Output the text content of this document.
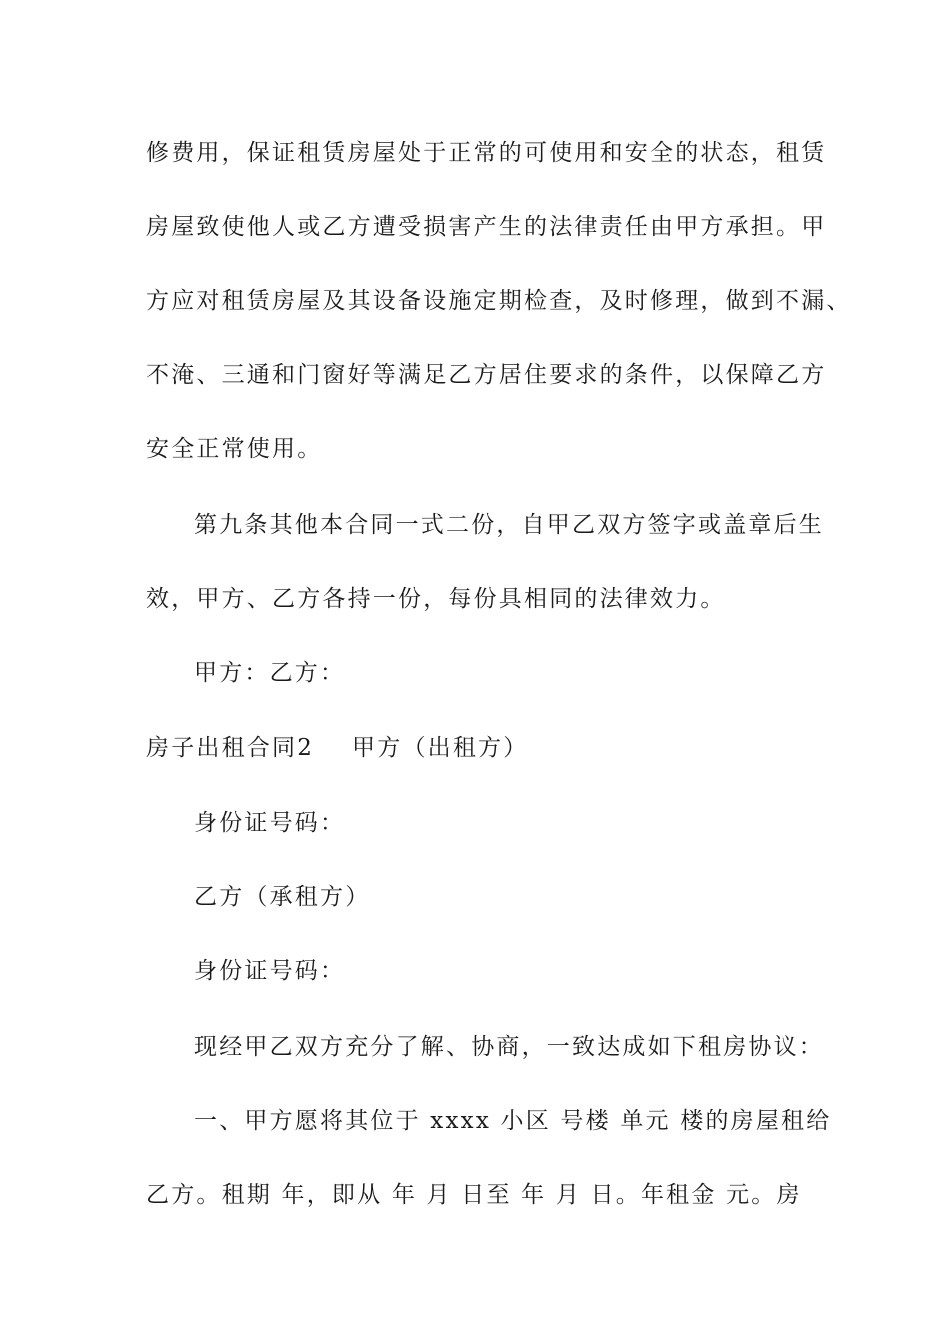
修费用，保证租赁房屋处于正常的可使用和安全的状态，租赁
房屋致使他人或乙方遭受损害产生的法律责任由甲方承担。甲
方应对租赁房屋及其设备设施定期检查，及时修理，做到不漏、
不淹、三通和门窗好等满足乙方居住要求的条件，以保障乙方
安全正常使用。
第九条其他本合同一式二份，自甲乙双方签字或盖章后生
效，甲方、乙方各持一份，每份具相同的法律效力。
甲方：乙方：
房子出租合同2 甲方（出租方）
身份证号码：
乙方（承租方）
身份证号码：
现经甲乙双方充分了解、协商，一致达成如下租房协议：
一、甲方愿将其位于 xxxx 小区 号楼 单元 楼的房屋租给
乙方。租期 年，即从 年 月 日至 年 月 日。年租金 元。房
